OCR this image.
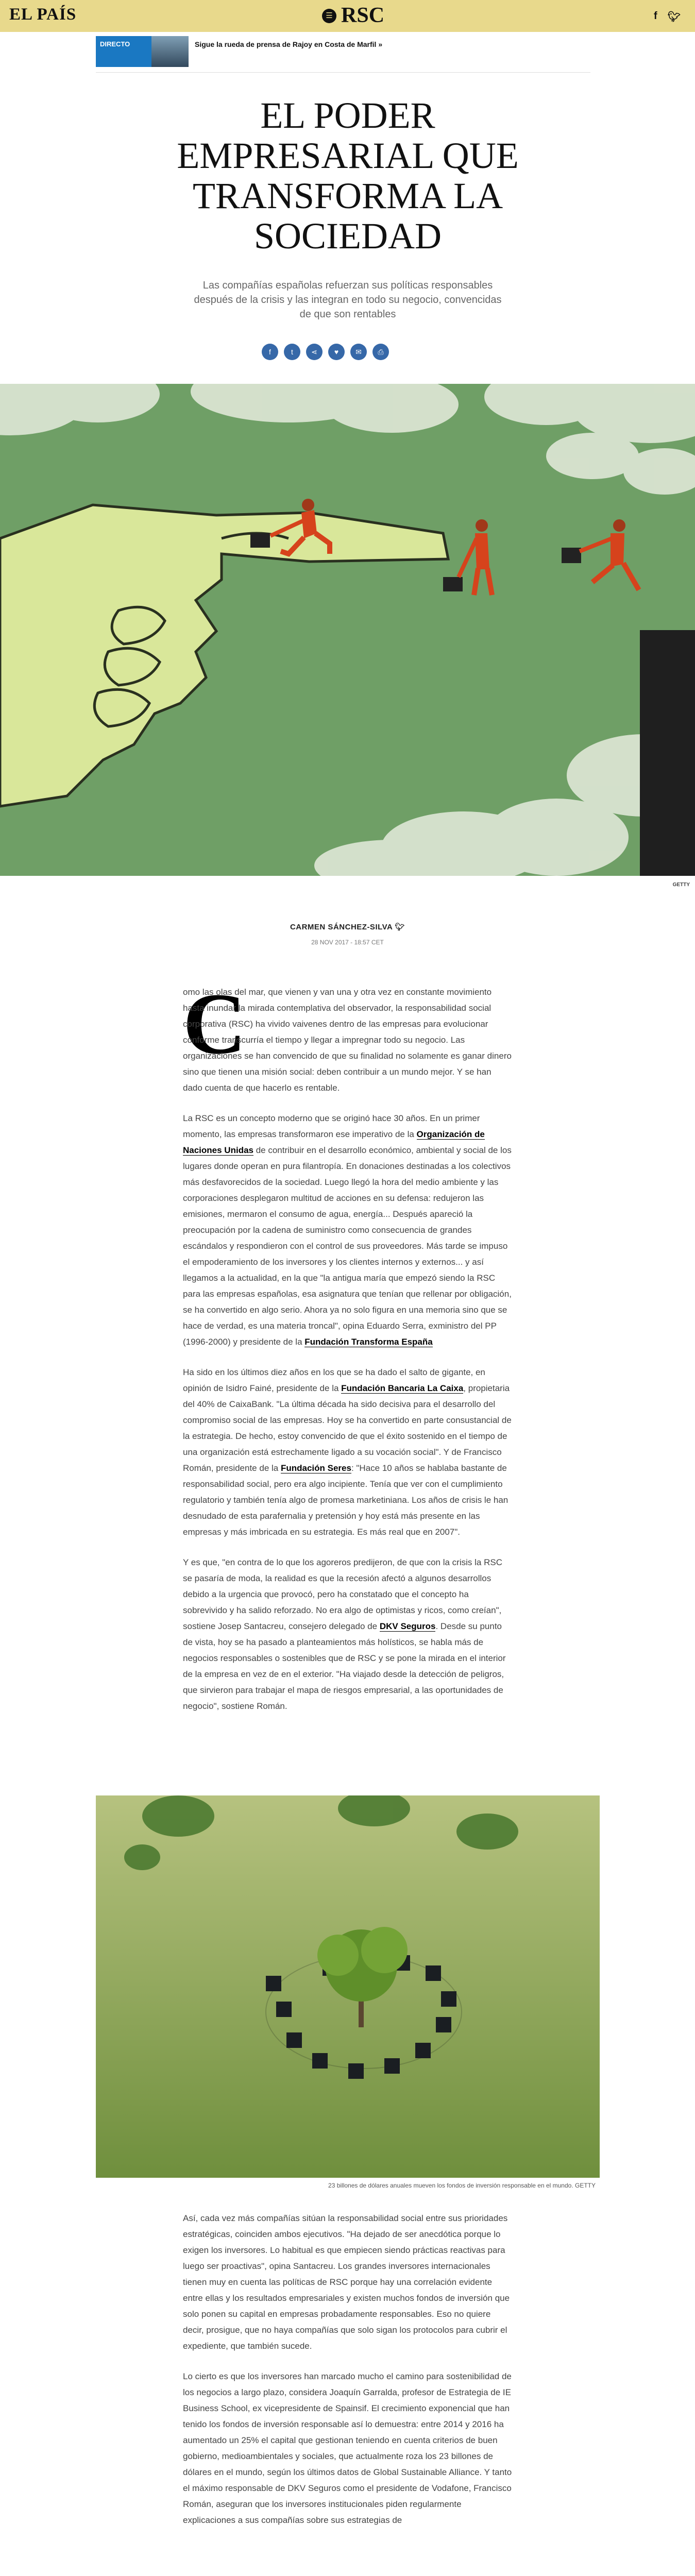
EL PAÍS	☰ RSC	f 🐦︎
DIRECTO	Sigue la rueda de prensa de Rajoy en Costa de Marfil »
EL PODER EMPRESARIAL QUE TRANSFORMA LA SOCIEDAD
Las compañías españolas refuerzan sus políticas responsables después de la crisis y las integran en todo su negocio, convencidas de que son rentables
f	t	⋖	♥	✉	⎙
GETTY
CARMEN SÁNCHEZ-SILVA 🐦︎
28 NOV 2017 - 18:57 CET
C

omo las olas del mar, que vienen y van una y otra vez en constante movimiento hasta inundar la mirada contemplativa del observador, la responsabilidad social corporativa (RSC) ha vivido vaivenes dentro de las empresas para evolucionar conforme transcurría el tiempo y llegar a impregnar todo su negocio. Las organizaciones se han convencido de que su finalidad no solamente es ganar dinero sino que tienen una misión social: deben contribuir a un mundo mejor. Y se han dado cuenta de que hacerlo es rentable.

La RSC es un concepto moderno que se originó hace 30 años. En un primer momento, las empresas transformaron ese imperativo de la Organización de Naciones Unidas de contribuir en el desarrollo económico, ambiental y social de los lugares donde operan en pura filantropía. En donaciones destinadas a los colectivos más desfavorecidos de la sociedad. Luego llegó la hora del medio ambiente y las corporaciones desplegaron multitud de acciones en su defensa: redujeron las emisiones, mermaron el consumo de agua, energía... Después apareció la preocupación por la cadena de suministro como consecuencia de grandes escándalos y respondieron con el control de sus proveedores. Más tarde se impuso el empoderamiento de los inversores y los clientes internos y externos... y así llegamos a la actualidad, en la que "la antigua maría que empezó siendo la RSC para las empresas españolas, esa asignatura que tenían que rellenar por obligación, se ha convertido en algo serio. Ahora ya no solo figura en una memoria sino que se hace de verdad, es una materia troncal", opina Eduardo Serra, exministro del PP (1996-2000) y presidente de la Fundación Transforma España

Ha sido en los últimos diez años en los que se ha dado el salto de gigante, en opinión de Isidro Fainé, presidente de la Fundación Bancaria La Caixa, propietaria del 40% de CaixaBank. "La última década ha sido decisiva para el desarrollo del compromiso social de las empresas. Hoy se ha convertido en parte consustancial de la estrategia. De hecho, estoy convencido de que el éxito sostenido en el tiempo de una organización está estrechamente ligado a su vocación social". Y de Francisco Román, presidente de la Fundación Seres: "Hace 10 años se hablaba bastante de responsabilidad social, pero era algo incipiente. Tenía que ver con el cumplimiento regulatorio y también tenía algo de promesa marketiniana. Los años de crisis le han desnudado de esta parafernalia y pretensión y hoy está más presente en las empresas y más imbricada en su estrategia. Es más real que en 2007".

Y es que, "en contra de lo que los agoreros predijeron, de que con la crisis la RSC se pasaría de moda, la realidad es que la recesión afectó a algunos desarrollos debido a la urgencia que provocó, pero ha constatado que el concepto ha sobrevivido y ha salido reforzado. No era algo de optimistas y ricos, como creían", sostiene Josep Santacreu, consejero delegado de DKV Seguros. Desde su punto de vista, hoy se ha pasado a planteamientos más holísticos, se habla más de negocios responsables o sostenibles que de RSC y se pone la mirada en el interior de la empresa en vez de en el exterior. "Ha viajado desde la detección de peligros, que sirvieron para trabajar el mapa de riesgos empresarial, a las oportunidades de negocio", sostiene Román.

23 billones de dólares anuales mueven los fondos de inversión responsable en el mundo. GETTY

Así, cada vez más compañías sitúan la responsabilidad social entre sus prioridades estratégicas, coinciden ambos ejecutivos. "Ha dejado de ser anecdótica porque lo exigen los inversores. Lo habitual es que empiecen siendo prácticas reactivas para luego ser proactivas", opina Santacreu. Los grandes inversores internacionales tienen muy en cuenta las políticas de RSC porque hay una correlación evidente entre ellas y los resultados empresariales y existen muchos fondos de inversión que solo ponen su capital en empresas probadamente responsables. Eso no quiere decir, prosigue, que no haya compañías que solo sigan los protocolos para cubrir el expediente, que también sucede.

Lo cierto es que los inversores han marcado mucho el camino para sostenibilidad de los negocios a largo plazo, considera Joaquín Garralda, profesor de Estrategia de IE Business School, ex vicepresidente de Spainsif. El crecimiento exponencial que han tenido los fondos de inversión responsable así lo demuestra: entre 2014 y 2016 ha aumentado un 25% el capital que gestionan teniendo en cuenta criterios de buen gobierno, medioambientales y sociales, que actualmente roza los 23 billones de dólares en el mundo, según los últimos datos de Global Sustainable Alliance. Y tanto el máximo responsable de DKV Seguros como el presidente de Vodafone, Francisco Román, aseguran que los inversores institucionales piden regularmente explicaciones a sus compañías sobre sus estrategias de
